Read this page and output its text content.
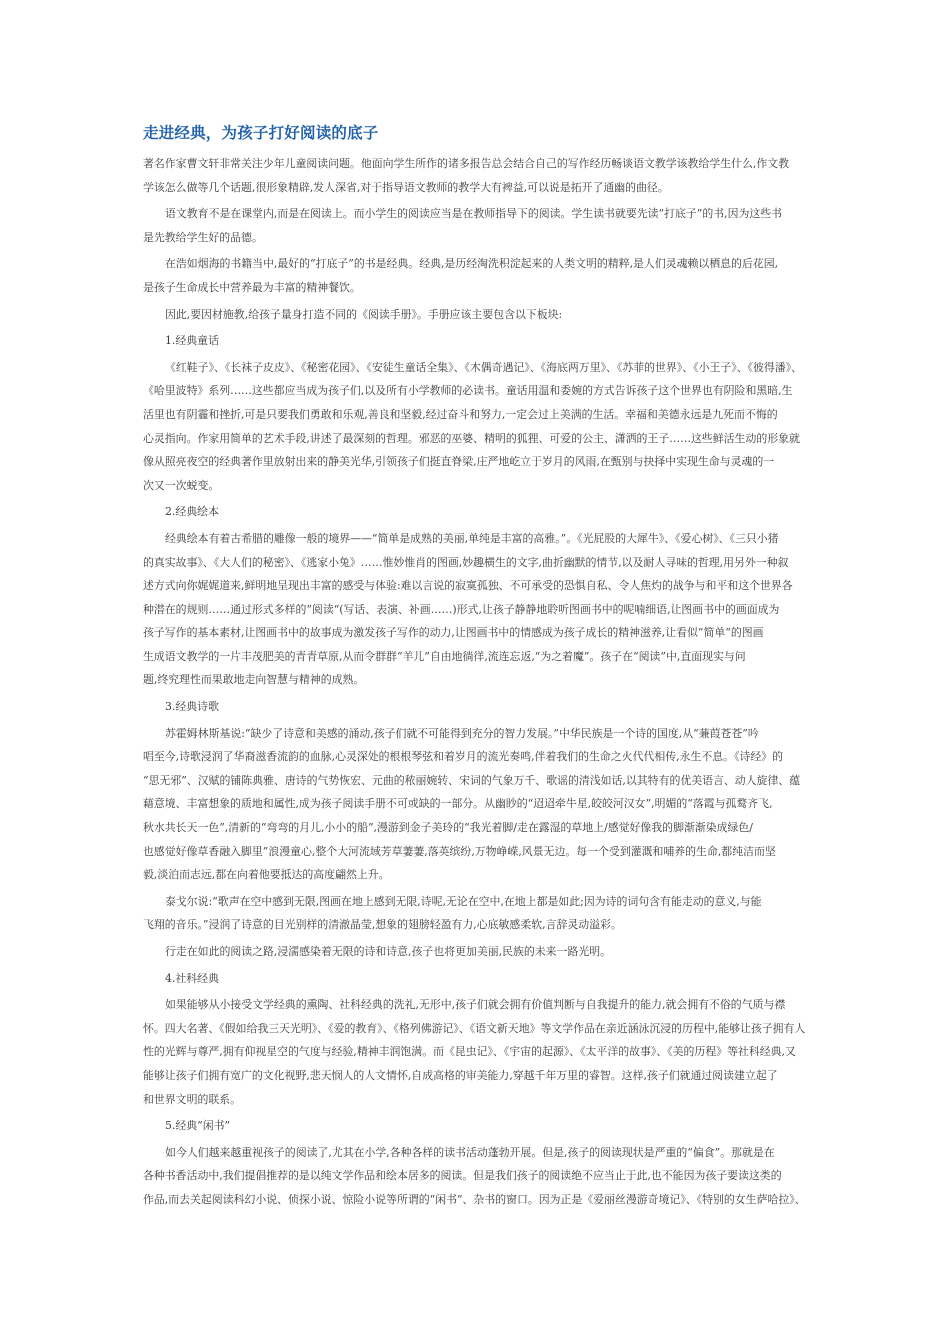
走进经典，为孩子打好阅读的底子

著名作家曹文轩非常关注少年儿童阅读问题。他面向学生所作的诸多报告总会结合自己的写作经历畅谈语文教学该教给学生什么,作文教
学该怎么做等几个话题,很形象精辟,发人深省,对于指导语文教师的教学大有裨益,可以说是拓开了通幽的曲径。

语文教育不是在课堂内,而是在阅读上。而小学生的阅读应当是在教师指导下的阅读。学生读书就要先读“打底子”的书,因为这些书
是先教给学生好的品德。

在浩如烟海的书籍当中,最好的“打底子”的书是经典。经典,是历经淘洗积淀起来的人类文明的精粹,是人们灵魂赖以栖息的后花园,
是孩子生命成长中营养最为丰富的精神餐饮。

因此,要因材施教,给孩子量身打造不同的《阅读手册》。手册应该主要包含以下板块:

1.经典童话

《红鞋子》、《长袜子皮皮》、《秘密花园》、《安徒生童话全集》、《木偶奇遇记》、《海底两万里》、《苏菲的世界》、《小王子》、《彼得潘》、
《哈里波特》系列……这些都应当成为孩子们,以及所有小学教师的必读书。童话用温和委婉的方式告诉孩子这个世界也有阴险和黑暗,生
活里也有阴霾和挫折,可是只要我们勇敢和乐观,善良和坚毅,经过奋斗和努力,一定会过上美满的生活。幸福和美德永远是九死而不悔的
心灵指向。作家用简单的艺术手段,讲述了最深刻的哲理。邪恶的巫婆、精明的狐狸、可爱的公主、潇洒的王子……这些鲜活生动的形象就
像从照亮夜空的经典著作里放射出来的静美光华,引领孩子们挺直脊梁,庄严地屹立于岁月的风雨,在甄别与抉择中实现生命与灵魂的一
次又一次蜕变。

2.经典绘本

经典绘本有着古希腊的雕像一般的境界——“简单是成熟的美丽,单纯是丰富的高雅。”。《光屁股的大犀牛》、《爱心树》、《三只小猪
的真实故事》、《大人们的秘密》、《逃家小兔》……惟妙惟肖的图画,妙趣横生的文字,曲折幽默的情节,以及耐人寻味的哲理,用另外一种叙
述方式向你娓娓道来,鲜明地呈现出丰富的感受与体验:难以言说的寂寞孤独、不可承受的恐惧自私、令人焦灼的战争与和平和这个世界各
种潜在的规则……通过形式多样的“阅读“(写话、表演、补画……)形式,让孩子静静地聆听图画书中的呢喃细语,让图画书中的画面成为
孩子写作的基本素材,让图画书中的故事成为激发孩子写作的动力,让图画书中的情感成为孩子成长的精神滋养,让看似”简单“的图画
生成语文教学的一片丰茂肥美的青青草原,从而令群群“羊儿”自由地徜徉,流连忘返,“为之着魔”。孩子在“阅读”中,直面现实与问
题,终究理性而果敢地走向智慧与精神的成熟。

3.经典诗歌

苏霍姆林斯基说:“缺少了诗意和美感的涌动,孩子们就不可能得到充分的智力发展。”中华民族是一个诗的国度,从“蒹葭苍苍”吟
唱至今,诗歌浸润了华裔滋香流韵的血脉,心灵深处的根根琴弦和着岁月的流光奏鸣,伴着我们的生命之火代代相传,永生不息。《诗经》的
“思无邪”、汉赋的铺陈典雅、唐诗的气势恢宏、元曲的秾丽婉转、宋词的气象万千、歌谣的清浅如话,以其特有的优美语言、动人旋律、蕴
藉意境、丰富想象的质地和属性,成为孩子阅读手册不可或缺的一部分。从幽眇的“迢迢牵牛星,皎皎河汉女”,明媚的“落霞与孤鹜齐飞,
秋水共长天一色”,清新的“弯弯的月儿,小小的船”,漫游到金子美玲的“我光着脚/走在露湿的草地上/感觉好像我的脚渐渐染成绿色/
也感觉好像草香融入脚里”浪漫童心,整个大河流域芳草萋萋,落英缤纷,万物峥嵘,风景无边。每一个受到灌溉和哺养的生命,都纯洁而坚
毅,淡泊而志远,都在向着他要抵达的高度翩然上升。

泰戈尔说:“歌声在空中感到无限,图画在地上感到无限,诗呢,无论在空中,在地上都是如此;因为诗的词句含有能走动的意义,与能
飞翔的音乐。”浸润了诗意的目光别样的清澈晶莹,想象的翅膀轻盈有力,心底敏感柔软,言辞灵动溢彩。

行走在如此的阅读之路,浸濡感染着无限的诗和诗意,孩子也将更加美丽,民族的未来一路光明。

4.社科经典

如果能够从小接受文学经典的熏陶、社科经典的洗礼,无形中,孩子们就会拥有价值判断与自我提升的能力,就会拥有不俗的气质与襟
怀。四大名著、《假如给我三天光明》、《爱的教育》、《格列佛游记》、《语文新天地》等文学作品在亲近涵泳沉浸的历程中,能够让孩子拥有人
性的光辉与尊严,拥有仰视星空的气度与经验,精神丰润饱满。而《昆虫记》、《宇宙的起源》、《太平洋的故事》、《美的历程》等社科经典,又
能够让孩子们拥有宽广的文化视野,悲天悯人的人文情怀,自成高格的审美能力,穿越千年万里的睿智。这样,孩子们就通过阅读建立起了
和世界文明的联系。

5.经典“闲书”

如今人们越来越重视孩子的阅读了,尤其在小学,各种各样的读书活动蓬勃开展。但是,孩子的阅读现状是严重的“偏食”。那就是在
各种书香活动中,我们提倡推荐的是以纯文学作品和绘本居多的阅读。但是我们孩子的阅读绝不应当止于此,也不能因为孩子要读这类的
作品,而去关起阅读科幻小说、侦探小说、惊险小说等所谓的“闲书”、杂书的窗口。因为正是《爱丽丝漫游奇境记》、《特别的女生萨哈拉》、
